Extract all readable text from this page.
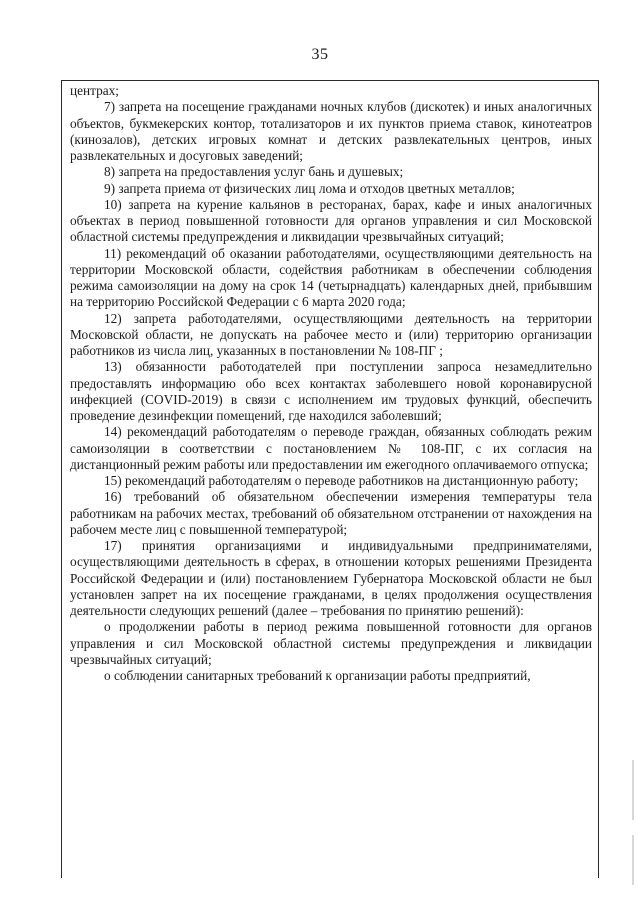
35

центрах;

7) запрета на посещение гражданами ночных клубов (дискотек) и иных аналогичных объектов, букмекерских контор, тотализаторов и их пунктов приема ставок, кинотеатров (кинозалов), детских игровых комнат и детских развлекательных центров, иных развлекательных и досуговых заведений;

8) запрета на предоставления услуг бань и душевых;

9) запрета приема от физических лиц лома и отходов цветных металлов;

10) запрета на курение кальянов в ресторанах, барах, кафе и иных аналогичных объектах в период повышенной готовности для органов управления и сил Московской областной системы предупреждения и ликвидации чрезвычайных ситуаций;

11) рекомендаций об оказании работодателями, осуществляющими деятельность на территории Московской области, содействия работникам в обеспечении соблюдения режима самоизоляции на дому на срок 14 (четырнадцать) календарных дней, прибывшим на территорию Российской Федерации с 6 марта 2020 года;

12) запрета работодателями, осуществляющими деятельность на территории Московской области, не допускать на рабочее место и (или) территорию организации работников из числа лиц, указанных в постановлении № 108-ПГ ;

13) обязанности работодателей при поступлении запроса незамедлительно предоставлять информацию обо всех контактах заболевшего новой коронавирусной инфекцией (COVID-2019) в связи с исполнением им трудовых функций, обеспечить проведение дезинфекции помещений, где находился заболевший;

14) рекомендаций работодателям о переводе граждан, обязанных соблюдать режим самоизоляции в соответствии с постановлением № 108-ПГ, с их согласия на дистанционный режим работы или предоставлении им ежегодного оплачиваемого отпуска;

15) рекомендаций работодателям о переводе работников на дистанционную работу;

16) требований об обязательном обеспечении измерения температуры тела работникам на рабочих местах, требований об обязательном отстранении от нахождения на рабочем месте лиц с повышенной температурой;

17) принятия организациями и индивидуальными предпринимателями, осуществляющими деятельность в сферах, в отношении которых решениями Президента Российской Федерации и (или) постановлением Губернатора Московской области не был установлен запрет на их посещение гражданами, в целях продолжения осуществления деятельности следующих решений (далее – требования по принятию решений):

о продолжении работы в период режима повышенной готовности для органов управления и сил Московской областной системы предупреждения и ликвидации чрезвычайных ситуаций;

о соблюдении санитарных требований к организации работы предприятий,
